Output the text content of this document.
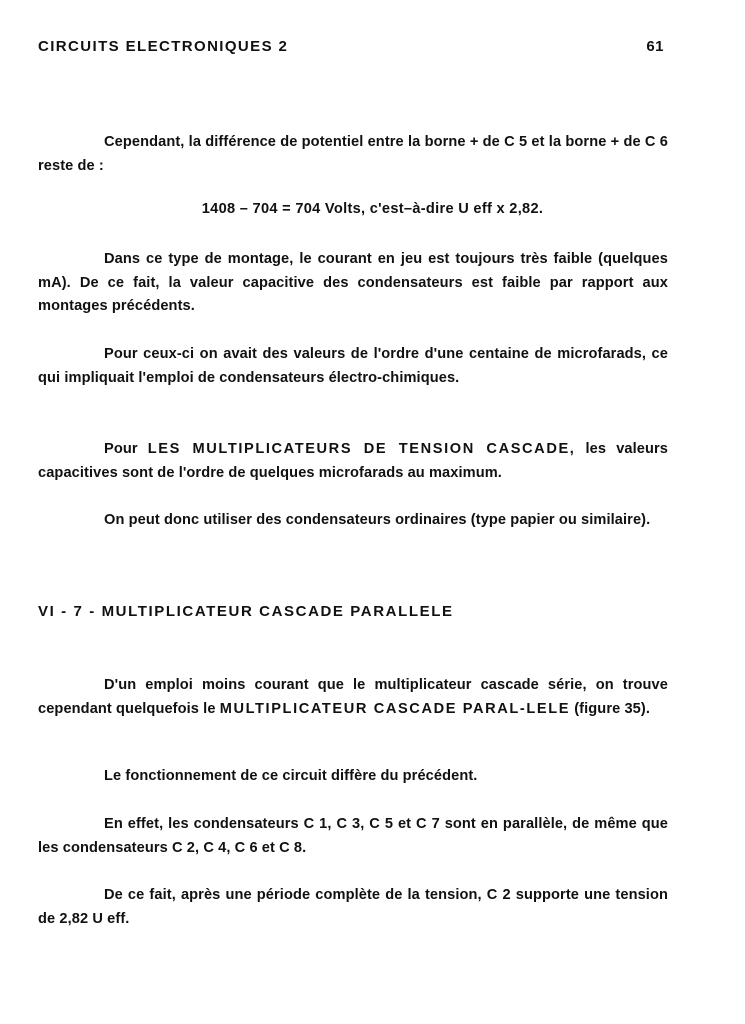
CIRCUITS ELECTRONIQUES 2	61

Cependant, la différence de potentiel entre la borne + de C 5 et la borne + de C 6 reste de :

1408 – 704 = 704 Volts, c'est–à-dire U eff x 2,82.

Dans ce type de montage, le courant en jeu est toujours très faible (quelques mA). De ce fait, la valeur capacitive des condensateurs est faible par rapport aux montages précédents.

Pour ceux-ci on avait des valeurs de l'ordre d'une centaine de microfarads, ce qui impliquait l'emploi de condensateurs électro-chimiques.

Pour LES MULTIPLICATEURS DE TENSION CASCADE, les valeurs capacitives sont de l'ordre de quelques microfarads au maximum.

On peut donc utiliser des condensateurs ordinaires (type papier ou similaire).

VI - 7 - MULTIPLICATEUR CASCADE PARALLELE

D'un emploi moins courant que le multiplicateur cascade série, on trouve cependant quelquefois le MULTIPLICATEUR CASCADE PARAL-LELE (figure 35).

Le fonctionnement de ce circuit diffère du précédent.

En effet, les condensateurs C 1, C 3, C 5 et C 7 sont en parallèle, de même que les condensateurs C 2, C 4, C 6 et C 8.

De ce fait, après une période complète de la tension, C 2 supporte une tension de 2,82 U eff.
